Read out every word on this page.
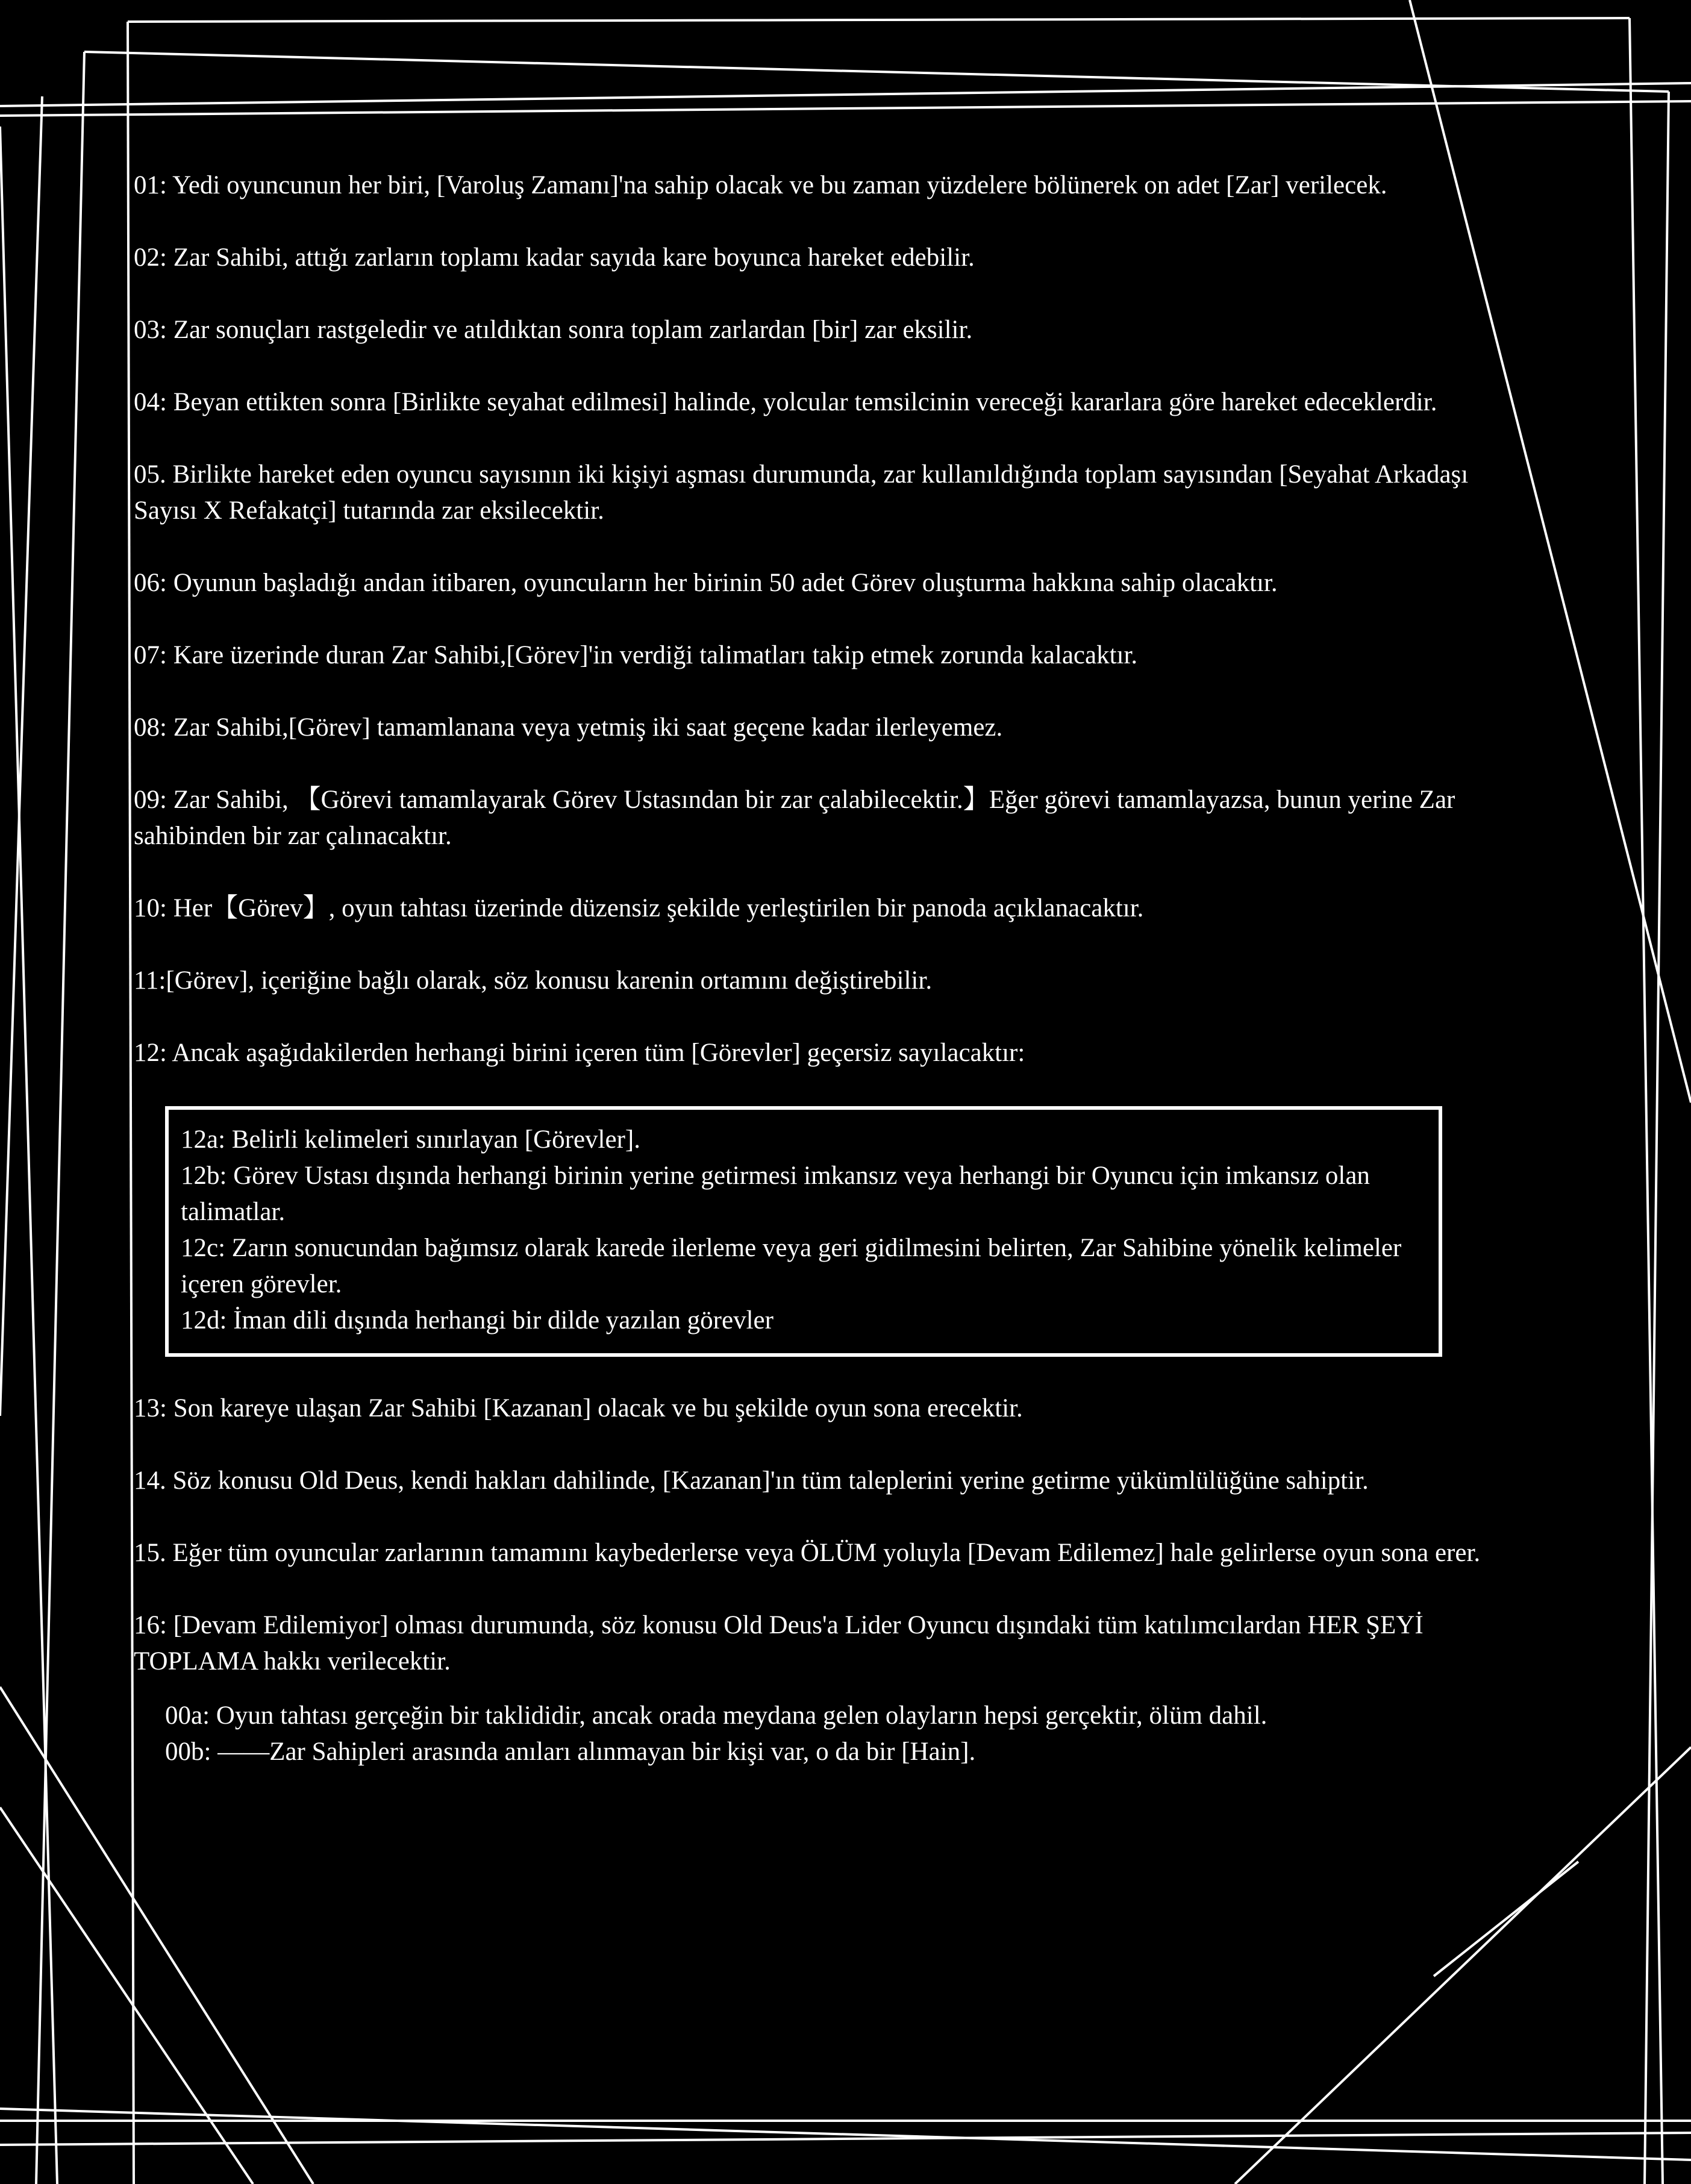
01: Yedi oyuncunun her biri, [Varoluş Zamanı]'na sahip olacak ve bu zaman yüzdelere bölünerek on adet [Zar] verilecek.
02: Zar Sahibi, attığı zarların toplamı kadar sayıda kare boyunca hareket edebilir.
03: Zar sonuçları rastgeledir ve atıldıktan sonra toplam zarlardan [bir] zar eksilir.
04: Beyan ettikten sonra [Birlikte seyahat edilmesi] halinde, yolcular temsilcinin vereceği kararlara göre hareket edeceklerdir.
05. Birlikte hareket eden oyuncu sayısının iki kişiyi aşması durumunda, zar kullanıldığında toplam sayısından [Seyahat Arkadaşı Sayısı X Refakatçi] tutarında zar eksilecektir.
06: Oyunun başladığı andan itibaren, oyuncuların her birinin 50 adet Görev oluşturma hakkına sahip olacaktır.
07: Kare üzerinde duran Zar Sahibi,[Görev]'in verdiği talimatları takip etmek zorunda kalacaktır.
08: Zar Sahibi,[Görev] tamamlanana veya yetmiş iki saat geçene kadar ilerleyemez.
09: Zar Sahibi, 【Görevi tamamlayarak Görev Ustasından bir zar çalabilecektir.】Eğer görevi tamamlayazsa, bunun yerine Zar sahibinden bir zar çalınacaktır.
10: Her【Görev】, oyun tahtası üzerinde düzensiz şekilde yerleştirilen bir panoda açıklanacaktır.
11:[Görev], içeriğine bağlı olarak, söz konusu karenin ortamını değiştirebilir.
12: Ancak aşağıdakilerden herhangi birini içeren tüm [Görevler] geçersiz sayılacaktır:
12a: Belirli kelimeleri sınırlayan [Görevler].
12b: Görev Ustası dışında herhangi birinin yerine getirmesi imkansız veya herhangi bir Oyuncu için imkansız olan talimatlar.
12c: Zarın sonucundan bağımsız olarak karede ilerleme veya geri gidilmesini belirten, Zar Sahibine yönelik kelimeler içeren görevler.
12d: İman dili dışında herhangi bir dilde yazılan görevler
13: Son kareye ulaşan Zar Sahibi [Kazanan] olacak ve bu şekilde oyun sona erecektir.
14. Söz konusu Old Deus, kendi hakları dahilinde, [Kazanan]'ın tüm taleplerini yerine getirme yükümlülüğüne sahiptir.
15. Eğer tüm oyuncular zarlarının tamamını kaybederlerse veya ÖLÜM yoluyla [Devam Edilemez] hale gelirlerse oyun sona erer.
16: [Devam Edilemiyor] olması durumunda, söz konusu Old Deus'a Lider Oyuncu dışındaki tüm katılımcılardan HER ŞEYİ TOPLAMA hakkı verilecektir.
00a: Oyun tahtası gerçeğin bir taklididir, ancak orada meydana gelen olayların hepsi gerçektir, ölüm dahil.
00b: ――Zar Sahipleri arasında anıları alınmayan bir kişi var, o da bir [Hain].
